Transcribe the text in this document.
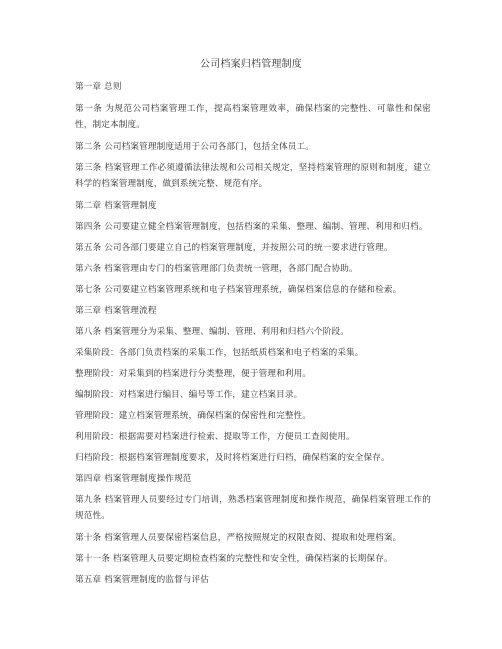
公司档案归档管理制度
第一章 总则
第一条 为规范公司档案管理工作，提高档案管理效率，确保档案的完整性、可靠性和保密性，制定本制度。
第二条 公司档案管理制度适用于公司各部门，包括全体员工。
第三条 档案管理工作必须遵循法律法规和公司相关规定，坚持档案管理的原则和制度，建立科学的档案管理制度，做到系统完整、规范有序。
第二章 档案管理制度
第四条 公司要建立健全档案管理制度，包括档案的采集、整理、编制、管理、利用和归档。
第五条 公司各部门要建立自己的档案管理制度，并按照公司的统一要求进行管理。
第六条 档案管理由专门的档案管理部门负责统一管理，各部门配合协助。
第七条 公司要建立档案管理系统和电子档案管理系统，确保档案信息的存储和检索。
第三章 档案管理流程
第八条 档案管理分为采集、整理、编制、管理、利用和归档六个阶段。
采集阶段：各部门负责档案的采集工作，包括纸质档案和电子档案的采集。
整理阶段：对采集到的档案进行分类整理，便于管理和利用。
编制阶段：对档案进行编目、编号等工作，建立档案目录。
管理阶段：建立档案管理系统，确保档案的保密性和完整性。
利用阶段：根据需要对档案进行检索、提取等工作，方便员工查阅使用。
归档阶段：根据档案管理制度要求，及时将档案进行归档，确保档案的安全保存。
第四章 档案管理制度操作规范
第九条 档案管理人员要经过专门培训，熟悉档案管理制度和操作规范，确保档案管理工作的规范性。
第十条 档案管理人员要保密档案信息，严格按照规定的权限查阅、提取和处理档案。
第十一条 档案管理人员要定期检查档案的完整性和安全性，确保档案的长期保存。
第五章 档案管理制度的监督与评估
